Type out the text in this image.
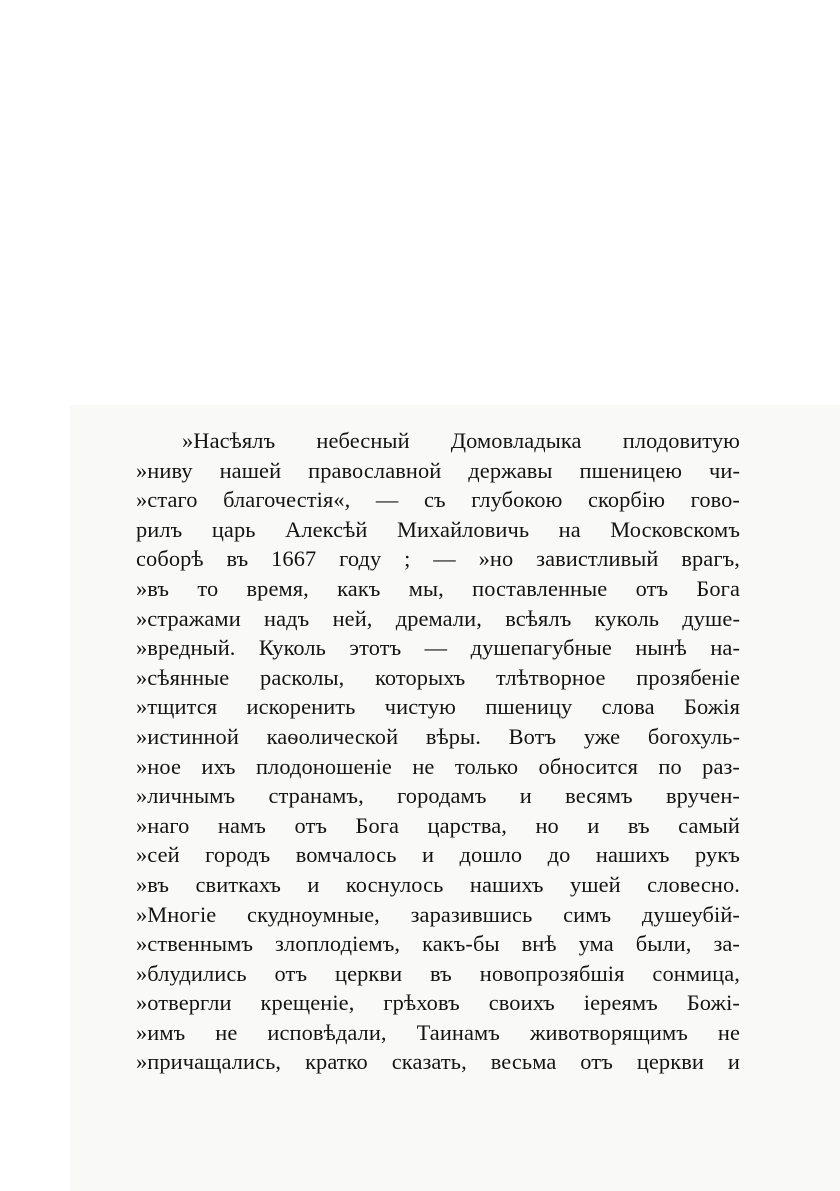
»Насѣялъ небесный Домовладыка плодовитую
»ниву нашей православной державы пшеницею чи-
»стаго благочестія«, — съ глубокою скорбію гово-
рилъ царь Алексѣй Михайловичь на Московскомъ
соборѣ въ 1667 году ; — »но завистливый врагъ,
»въ то время, какъ мы, поставленные отъ Бога
»стражами надъ ней, дремали, всѣялъ куколь душе-
»вредный. Куколь этотъ — душепагубные нынѣ на-
»сѣянные расколы, которыхъ тлѣтворное прозябеніе
»тщится искоренить чистую пшеницу слова Божія
»истинной каѳолической вѣры. Вотъ уже богохуль-
»ное ихъ плодоношеніе не только обносится по раз-
»личнымъ странамъ, городамъ и весямъ вручен-
»наго намъ отъ Бога царства, но и въ самый
»сей городъ вомчалось и дошло до нашихъ рукъ
»въ свиткахъ и коснулось нашихъ ушей словесно.
»Многіе скудноумные, заразившись симъ душеубій-
»ственнымъ злоплодіемъ, какъ-бы внѣ ума были, за-
»блудились отъ церкви въ новопрозябшія сонмица,
»отвергли крещеніе, грѣховъ своихъ іереямъ Божі-
»имъ не исповѣдали, Таинамъ животворящимъ не
»причащались, кратко сказать, весьма отъ церкви и
